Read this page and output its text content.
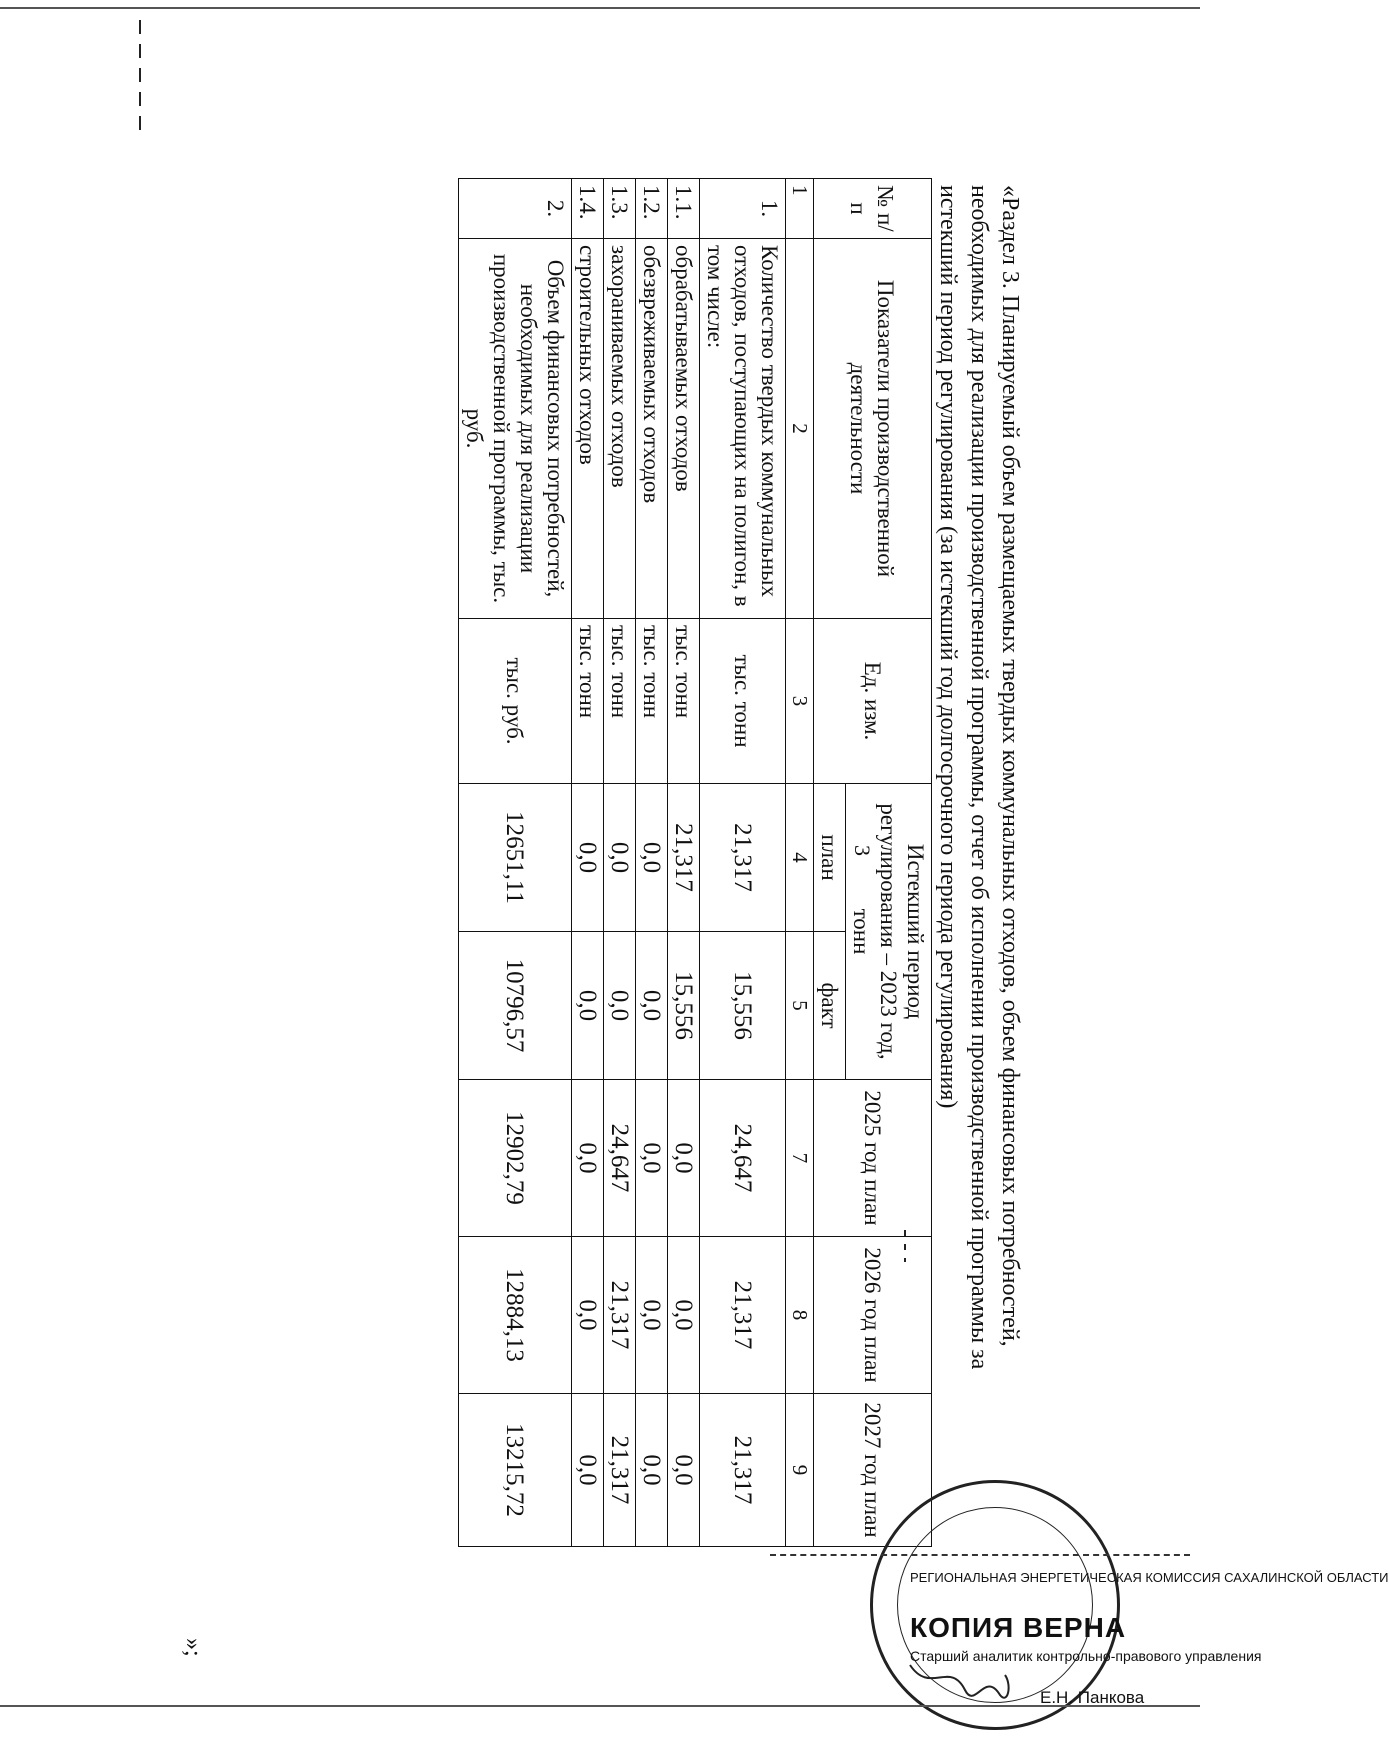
3	«Раздел 3. Планируемый объем размещаемых твердых коммунальных отходов, объем финансовых потребностей,
необходимых для реализации производственной программы, отчет об исполнении производственной программы за
истекший период регулирования (за истекший год долгосрочного периода регулирования)
№ п/п	Показатели производственной деятельности	Ед. изм.	Истекший период регулирования – 2023 год, тонн		2025 год план	2026 год план	2027 год план
			план	факт			
1	2	3	4	5	7	8	9
1.	Количество твердых коммунальных отходов, поступающих на полигон, в том числе:	тыс. тонн	21,317	15,556	24,647	21,317	21,317
1.1.	обрабатываемых отходов	тыс. тонн	21,317	15,556	0,0	0,0	0,0
1.2.	обезвреживаемых отходов	тыс. тонн	0,0	0,0	0,0	0,0	0,0
1.3.	захораниваемых отходов	тыс. тонн	0,0	0,0	24,647	21,317	21,317
1.4.	строительных отходов	тыс. тонн	0,0	0,0	0,0	0,0	0,0
2.	Объем финансовых потребностей, необходимых для реализации производственной программы, тыс. руб.	тыс. руб.	12651,11	10796,57	12902,79	12884,13	13215,72
»;
РЕГИОНАЛЬНАЯ ЭНЕРГЕТИЧЕСКАЯ КОМИССИЯ САХАЛИНСКОЙ ОБЛАСТИ
КОПИЯ ВЕРНА
Старший аналитик контрольно-правового управления
Е.Н. Панкова
